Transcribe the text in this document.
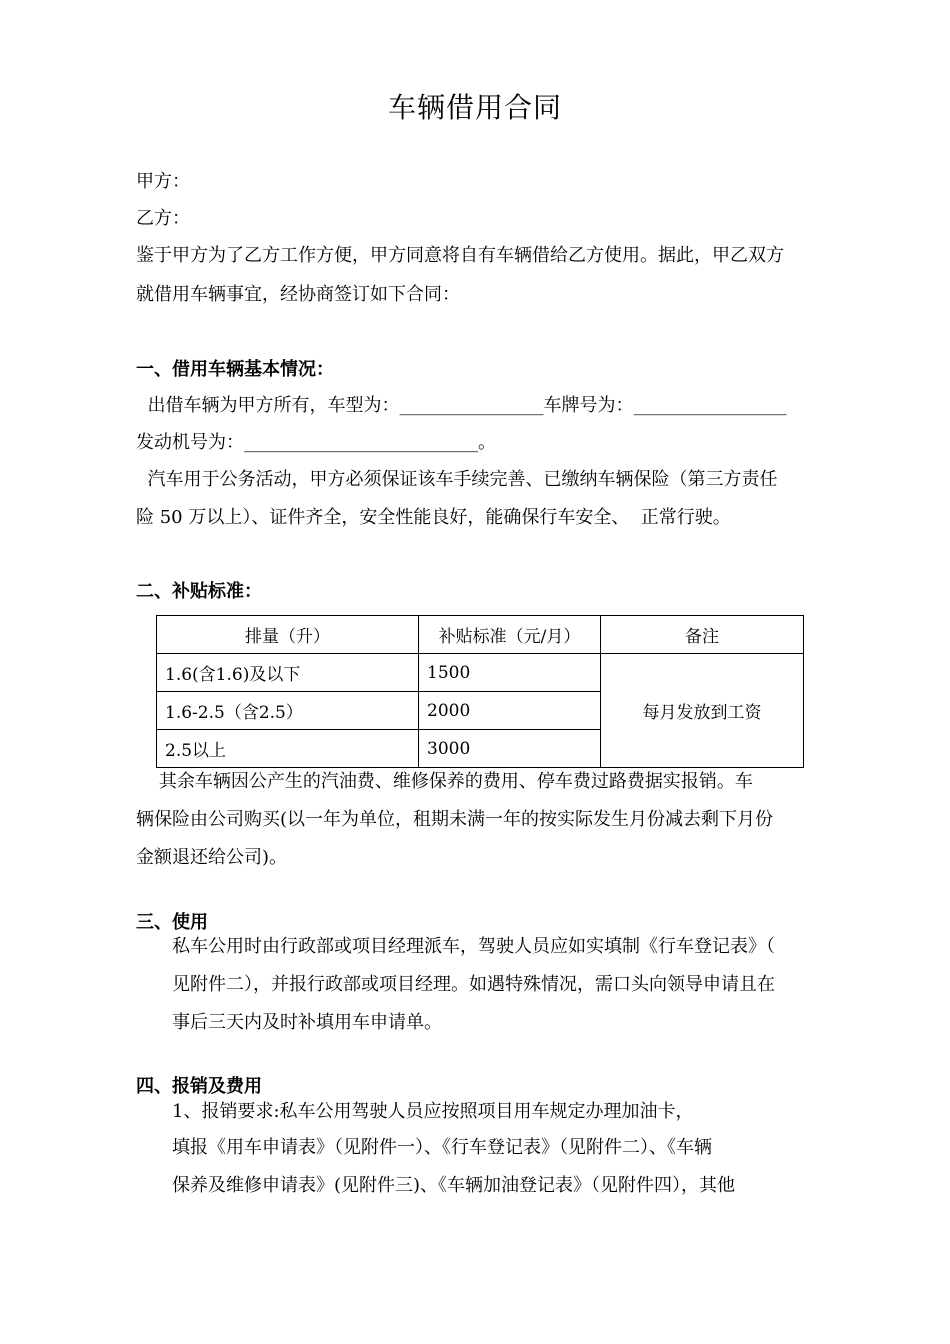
车辆借用合同
甲方：
乙方：
鉴于甲方为了乙方工作方便，甲方同意将自有车辆借给乙方使用。据此，甲乙双方
就借用车辆事宜，经协商签订如下合同：
一、借用车辆基本情况：
出借车辆为甲方所有，车型为：________________车牌号为：_________________
发动机号为：__________________________。
汽车用于公务活动，甲方必须保证该车手续完善、已缴纳车辆保险（第三方责任
险 50 万以上）、证件齐全，安全性能良好，能确保行车安全、  正常行驶。
二、补贴标准：
排量（升）	补贴标准（元/月）	备注
1.6(含1.6)及以下	1500	每月发放到工资
1.6-2.5（含2.5）	2000	
2.5以上	3000	
其余车辆因公产生的汽油费、维修保养的费用、停车费过路费据实报销。车
辆保险由公司购买(以一年为单位，租期未满一年的按实际发生月份减去剩下月份
金额退还给公司)。
三、使用
私车公用时由行政部或项目经理派车，驾驶人员应如实填制《行车登记表》（
见附件二），并报行政部或项目经理。如遇特殊情况，需口头向领导申请且在
事后三天内及时补填用车申请单。
四、报销及费用
1、报销要求:私车公用驾驶人员应按照项目用车规定办理加油卡，
填报《用车申请表》（见附件一）、《行车登记表》（见附件二）、《车辆
保养及维修申请表》(见附件三)、《车辆加油登记表》（见附件四），其他
